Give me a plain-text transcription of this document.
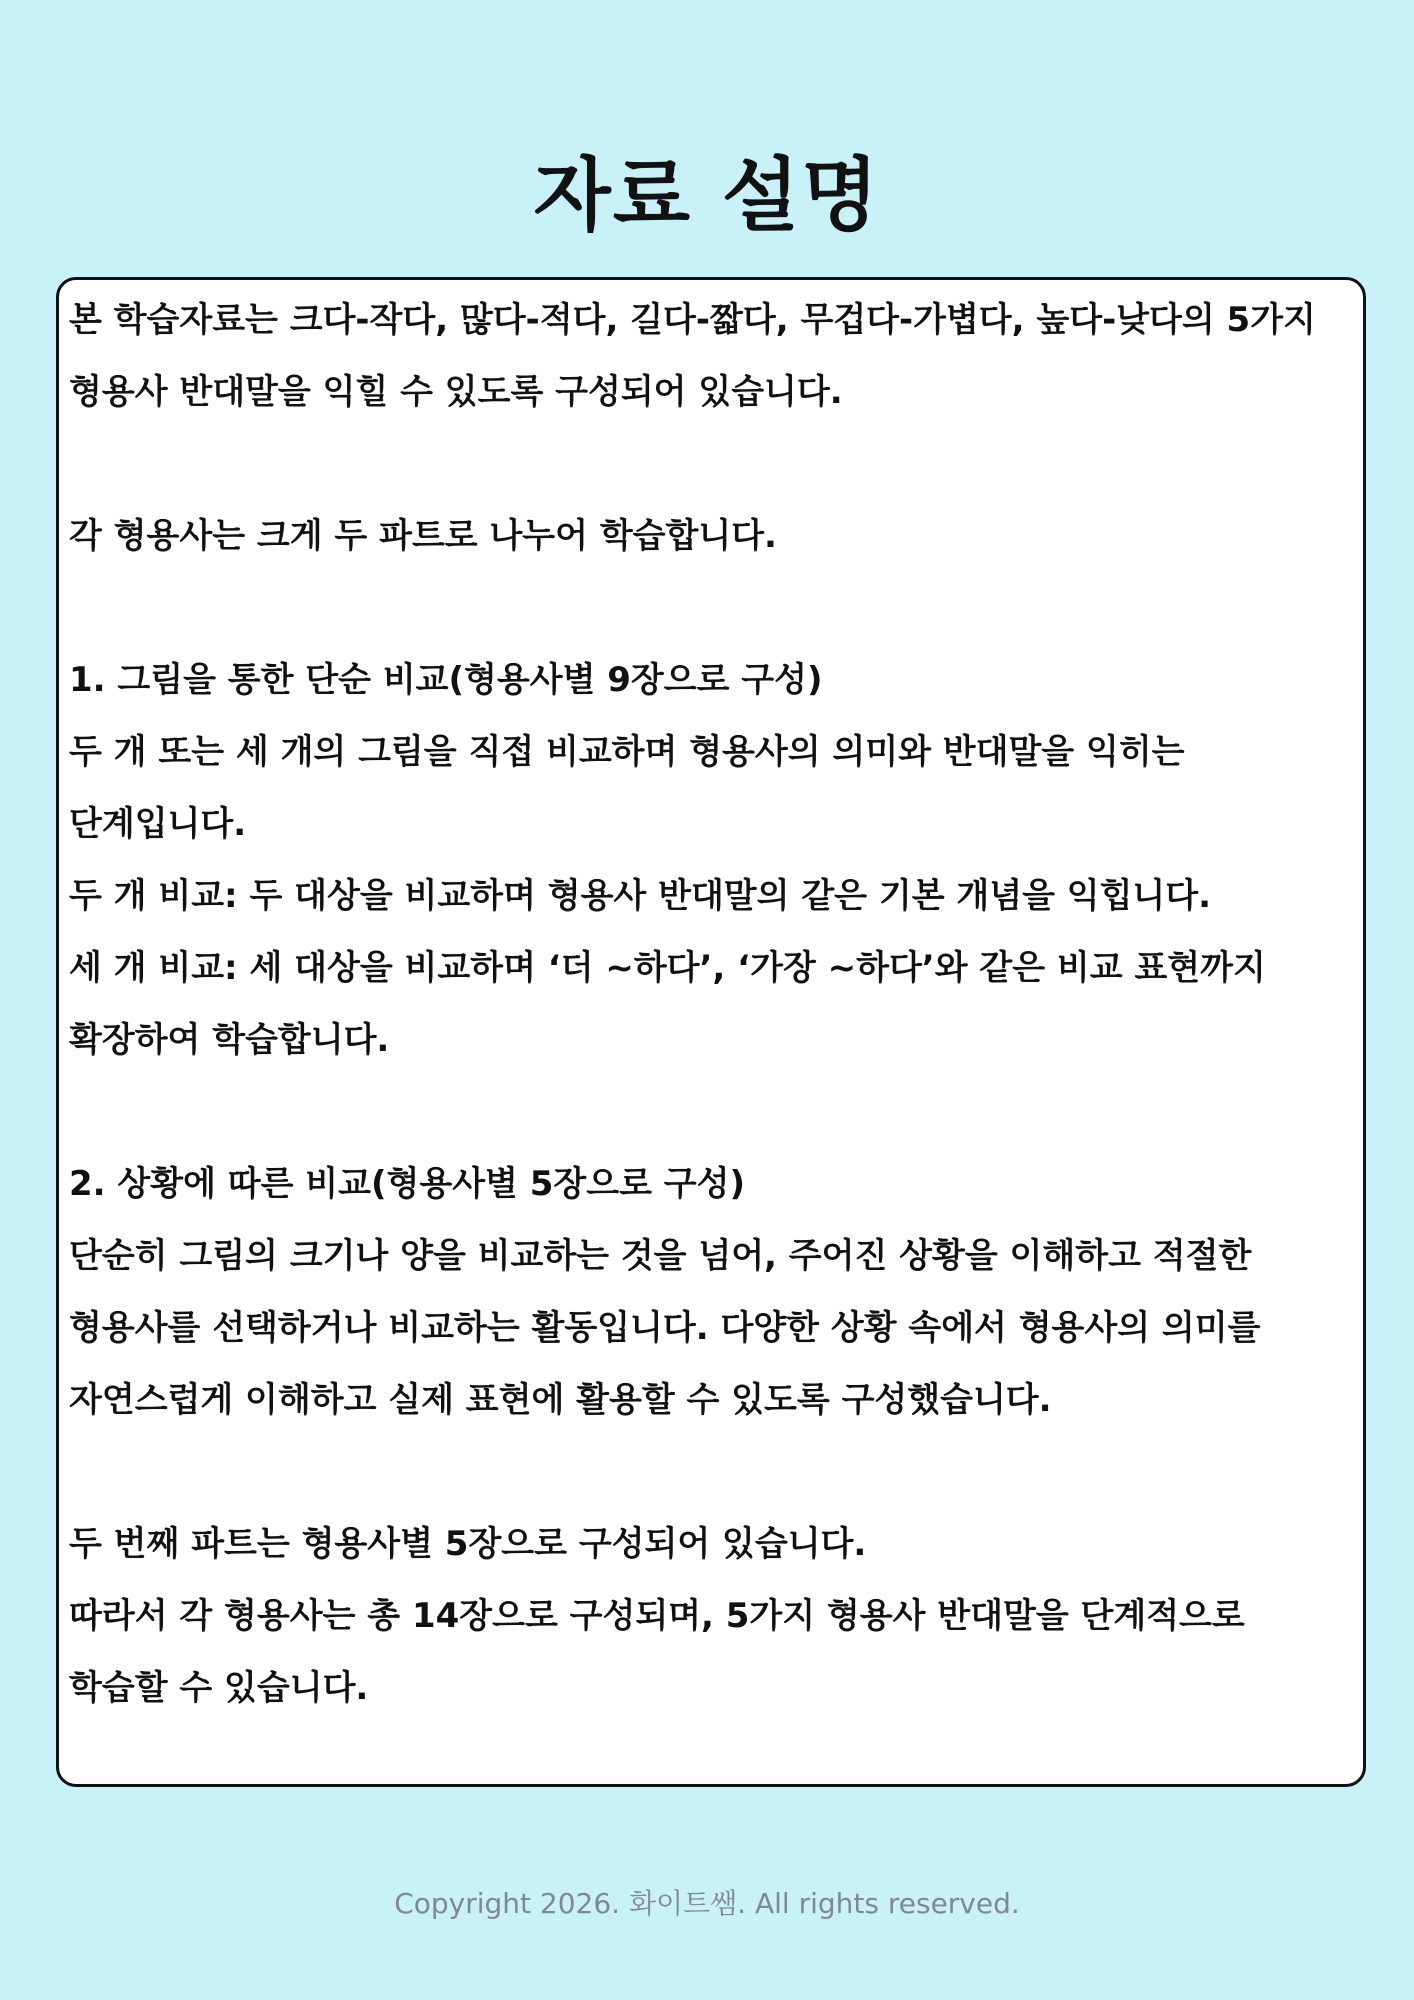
자료 설명

본 학습자료는 크다-작다, 많다-적다, 길다-짧다, 무겁다-가볍다, 높다-낮다의 5가지 형용사 반대말을 익힐 수 있도록 구성되어 있습니다.

각 형용사는 크게 두 파트로 나누어 학습합니다.

1. 그림을 통한 단순 비교(형용사별 9장으로 구성)

두 개 또는 세 개의 그림을 직접 비교하며 형용사의 의미와 반대말을 익히는 단계입니다.

두 개 비교: 두 대상을 비교하며 형용사 반대말의 같은 기본 개념을 익힙니다.

세 개 비교: 세 대상을 비교하며 ‘더 ~하다’, ‘가장 ~하다’와 같은 비교 표현까지 확장하여 학습합니다.

2. 상황에 따른 비교(형용사별 5장으로 구성)

단순히 그림의 크기나 양을 비교하는 것을 넘어, 주어진 상황을 이해하고 적절한 형용사를 선택하거나 비교하는 활동입니다. 다양한 상황 속에서 형용사의 의미를 자연스럽게 이해하고 실제 표현에 활용할 수 있도록 구성했습니다.

두 번째 파트는 형용사별 5장으로 구성되어 있습니다.

따라서 각 형용사는 총 14장으로 구성되며, 5가지 형용사 반대말을 단계적으로 학습할 수 있습니다.

Copyright 2026. 화이트쌤. All rights reserved.
